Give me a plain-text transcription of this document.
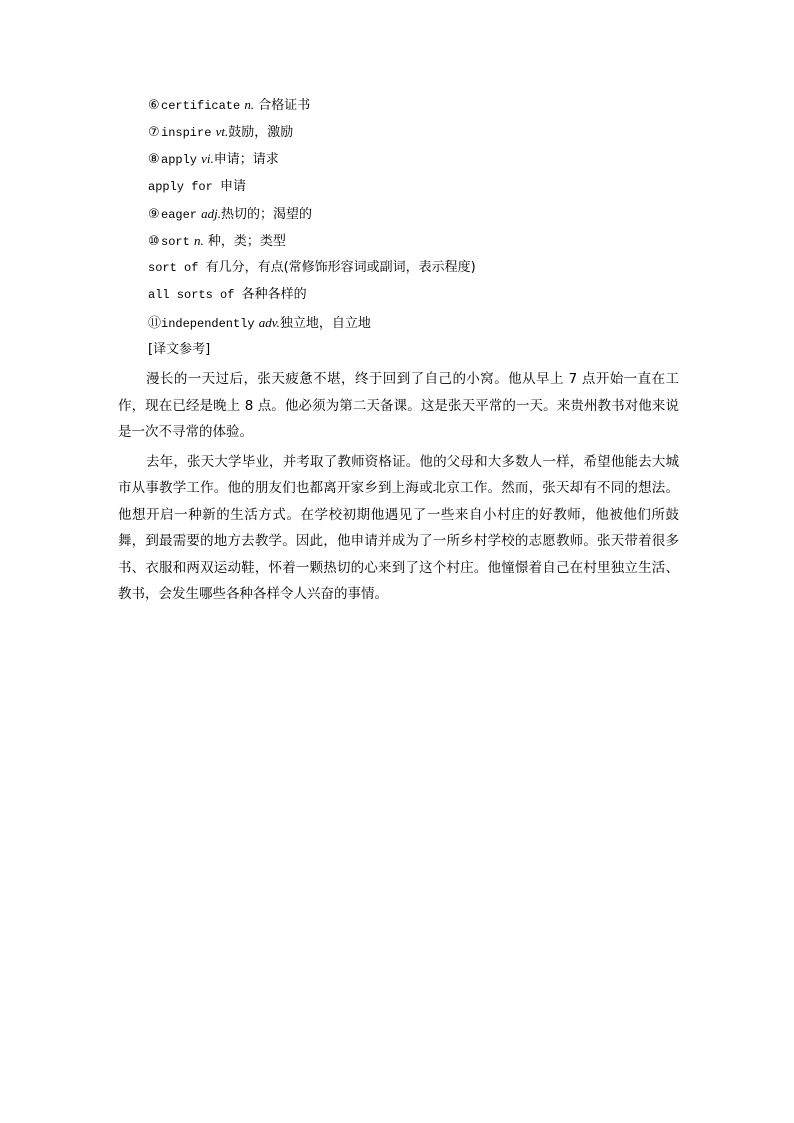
⑥certificate n. 合格证书
⑦inspire vt.鼓励，激励
⑧apply vi.申请；请求
apply for 申请
⑨eager adj.热切的；渴望的
⑩sort n. 种，类；类型
sort of 有几分，有点(常修饰形容词或副词，表示程度)
all sorts of 各种各样的
⑪independently adv.独立地，自立地
[译文参考]

漫长的一天过后，张天疲惫不堪，终于回到了自己的小窝。他从早上 7 点开始一直在工作，现在已经是晚上 8 点。他必须为第二天备课。这是张天平常的一天。来贵州教书对他来说是一次不寻常的体验。

去年，张天大学毕业，并考取了教师资格证。他的父母和大多数人一样，希望他能去大城市从事教学工作。他的朋友们也都离开家乡到上海或北京工作。然而，张天却有不同的想法。他想开启一种新的生活方式。在学校初期他遇见了一些来自小村庄的好教师，他被他们所鼓舞，到最需要的地方去教学。因此，他申请并成为了一所乡村学校的志愿教师。张天带着很多书、衣服和两双运动鞋，怀着一颗热切的心来到了这个村庄。他憧憬着自己在村里独立生活、教书，会发生哪些各种各样令人兴奋的事情。
